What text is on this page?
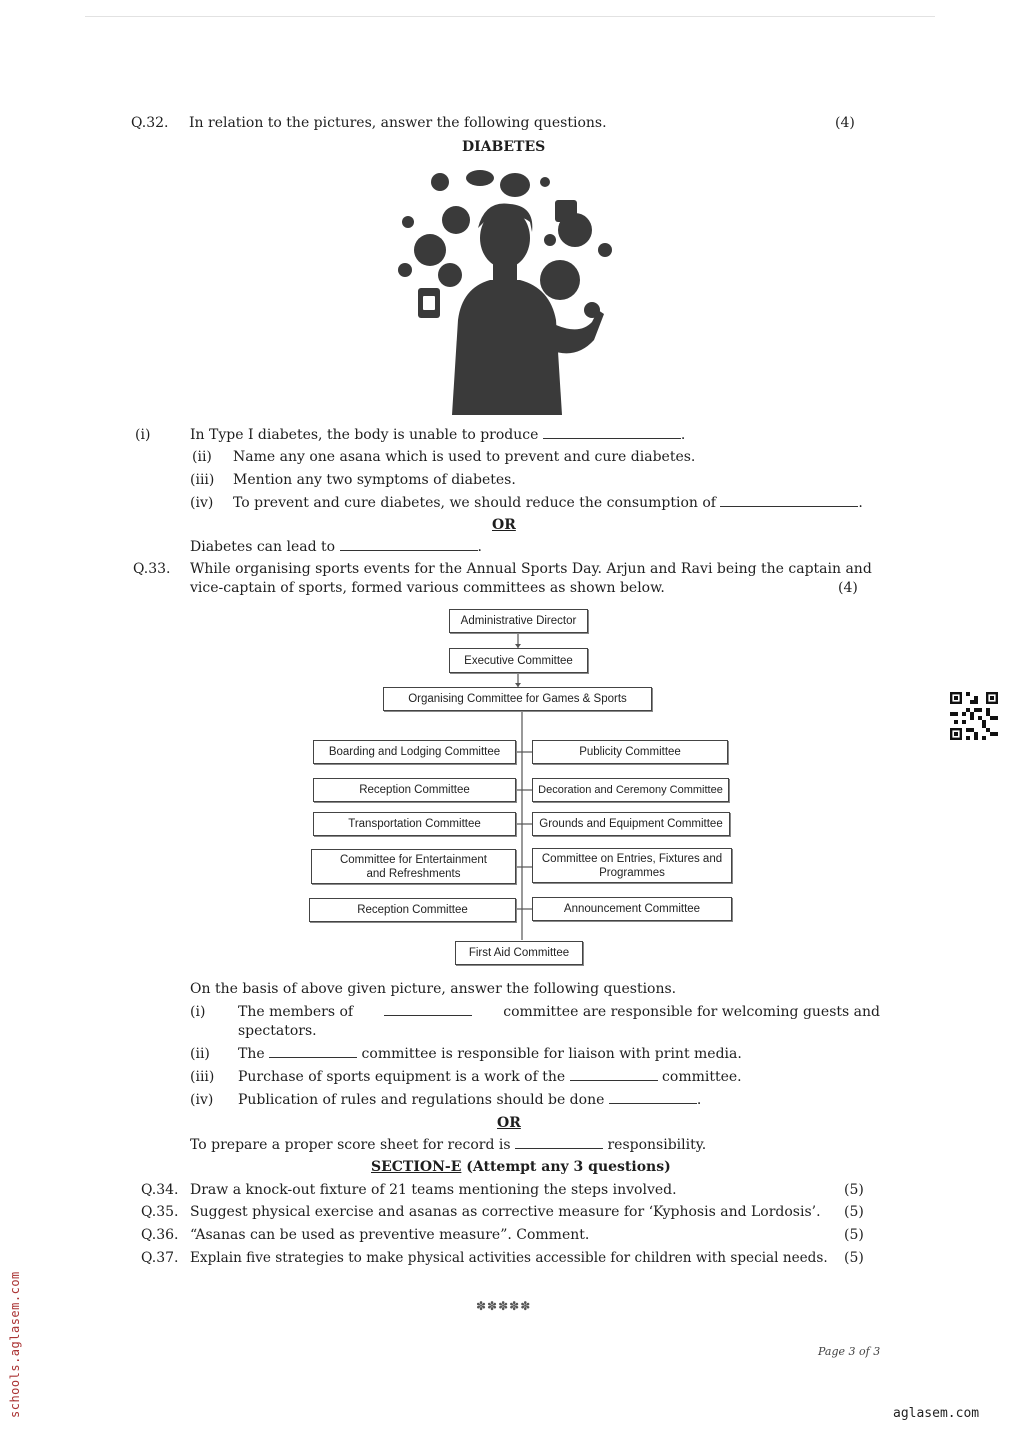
Q.32. In relation to the pictures, answer the following questions.	(4)
DIABETES
(i)	In Type I diabetes, the body is unable to produce	.
(ii) Name any one asana which is used to prevent and cure diabetes.
(iii) Mention any two symptoms of diabetes.
(iv) To prevent and cure diabetes, we should reduce the consumption of	.
OR
Diabetes can lead to	.
Q.33. While organising sports events for the Annual Sports Day. Arjun and Ravi being the captain and
vice-captain of sports, formed various committees as shown below.	(4)
Administrative Director
Executive Committee
Organising Committee for Games & Sports
Boarding and Lodging Committee
Reception Committee
Transportation Committee
Committee for Entertainment and Refreshments
Reception Committee
Publicity Committee
Decoration and Ceremony Committee
Grounds and Equipment Committee
Committee on Entries, Fixtures and Programmes
Announcement Committee
First Aid Committee
On the basis of above given picture, answer the following questions.
(i) The members of	committee are responsible for welcoming guests and
spectators.
(ii) The	committee is responsible for liaison with print media.
(iii) Purchase of sports equipment is a work of the	committee.
(iv) Publication of rules and regulations should be done	.
OR
To prepare a proper score sheet for record is	responsibility.
SECTION-E (Attempt any 3 questions)
Q.34. Draw a knock-out fixture of 21 teams mentioning the steps involved.	(5)
Q.35. Suggest physical exercise and asanas as corrective measure for ‘Kyphosis and Lordosis’. (5)
Q.36. “Asanas can be used as preventive measure”. Comment.	(5)
Q.37. Explain five strategies to make physical activities accessible for children with special needs. (5)
✽✽✽✽✽
Page 3 of 3
schools.aglasem.com	aglasem.com
